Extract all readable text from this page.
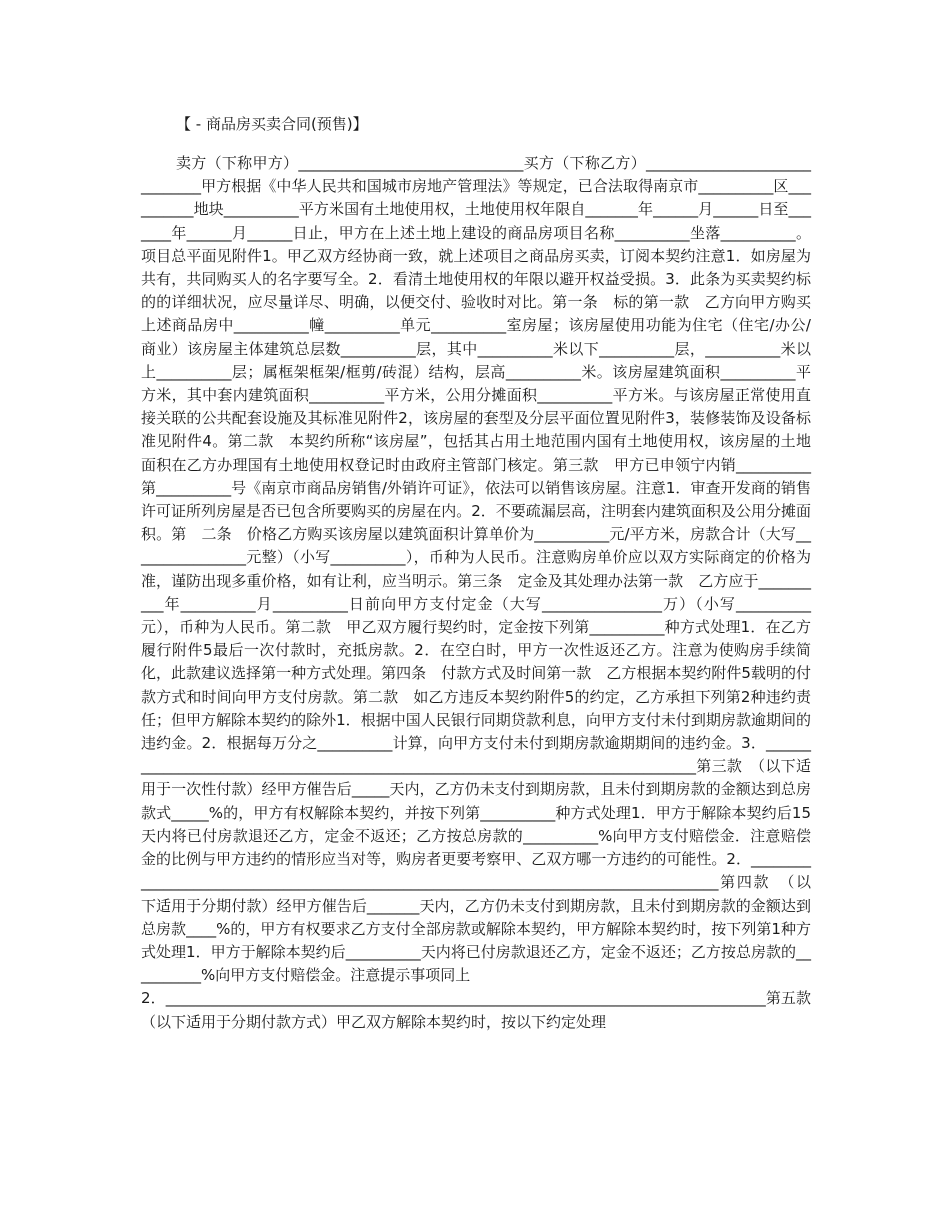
【 - 商品房买卖合同(预售)】

卖方（下称甲方）______________________________买方（下称乙方）______________________________甲方根据《中华人民共和国城市房地产管理法》等规定，已合法取得南京市__________区__________地块__________平方米国有土地使用权，土地使用权年限自_______年______月______日至_______年______月______日止，甲方在上述土地上建设的商品房项目名称__________坐落__________。项目总平面见附件1。甲乙双方经协商一致，就上述项目之商品房买卖，订阅本契约注意1．如房屋为共有，共同购买人的名字要写全。2．看清土地使用权的年限以避开权益受损。3．此条为买卖契约标的的详细状况，应尽量详尽、明确，以便交付、验收时对比。第一条　标的第一款　乙方向甲方购买上述商品房中__________幢__________单元__________室房屋；该房屋使用功能为住宅（住宅/办公/商业）该房屋主体建筑总层数__________层，其中__________米以下__________层，__________米以上__________层；属框架框架/框剪/砖混）结构，层高__________米。该房屋建筑面积__________平方米，其中套内建筑面积__________平方米，公用分摊面积__________平方米。与该房屋正常使用直接关联的公共配套设施及其标准见附件2，该房屋的套型及分层平面位置见附件3，装修装饰及设备标准见附件4。第二款　本契约所称“该房屋”，包括其占用土地范围内国有土地使用权，该房屋的土地面积在乙方办理国有土地使用权登记时由政府主管部门核定。第三款　甲方已申领宁内销__________第__________号《南京市商品房销售/外销许可证》，依法可以销售该房屋。注意1．审查开发商的销售许可证所列房屋是否已包含所要购买的房屋在内。2．不要疏漏层高，注明套内建筑面积及公用分摊面积。第　二条　价格乙方购买该房屋以建筑面积计算单价为__________元/平方米，房款合计（大写________________元整）（小写__________），币种为人民币。注意购房单价应以双方实际商定的价格为准，谨防出现多重价格，如有让利，应当明示。第三条　定金及其处理办法第一款　乙方应于__________年__________月__________日前向甲方支付定金（大写________________万）（小写__________元），币种为人民币。第二款　甲乙双方履行契约时，定金按下列第__________种方式处理1．在乙方履行附件5最后一次付款时，充抵房款。2．在空白时，甲方一次性返还乙方。注意为使购房手续简化，此款建议选择第一种方式处理。第四条　付款方式及时间第一款　乙方根据本契约附件5载明的付款方式和时间向甲方支付房款。第二款　如乙方违反本契约附件5的约定，乙方承担下列第2种违约责任；但甲方解除本契约的除外1．根据中国人民银行同期贷款利息，向甲方支付未付到期房款逾期间的违约金。2．根据每万分之__________计算，向甲方支付未付到期房款逾期期间的违约金。3．________________________________________________________________________________第三款　（以下适用于一次性付款）经甲方催告后_____天内，乙方仍未支付到期房款，且未付到期房款的金额达到总房款式_____%的，甲方有权解除本契约，并按下列第__________种方式处理1．甲方于解除本契约后15天内将已付房款退还乙方，定金不返还；乙方按总房款的__________%向甲方支付赔偿金．注意赔偿金的比例与甲方违约的情形应当对等，购房者更要考察甲、乙双方哪一方违约的可能性。2．_____________________________________________________________________________________第四款　（以下适用于分期付款）经甲方催告后_______天内，乙方仍未支付到期房款，且未付到期房款的金额达到总房款____%的，甲方有权要求乙方支付全部房款或解除本契约，甲方解除本契约时，按下列第1种方式处理1．甲方于解除本契约后__________天内将已付房款退还乙方，定金不返还；乙方按总房款的__________%向甲方支付赔偿金。注意提示事项同上
2．________________________________________________________________________________第五款　（以下适用于分期付款方式）甲乙双方解除本契约时，按以下约定处理
